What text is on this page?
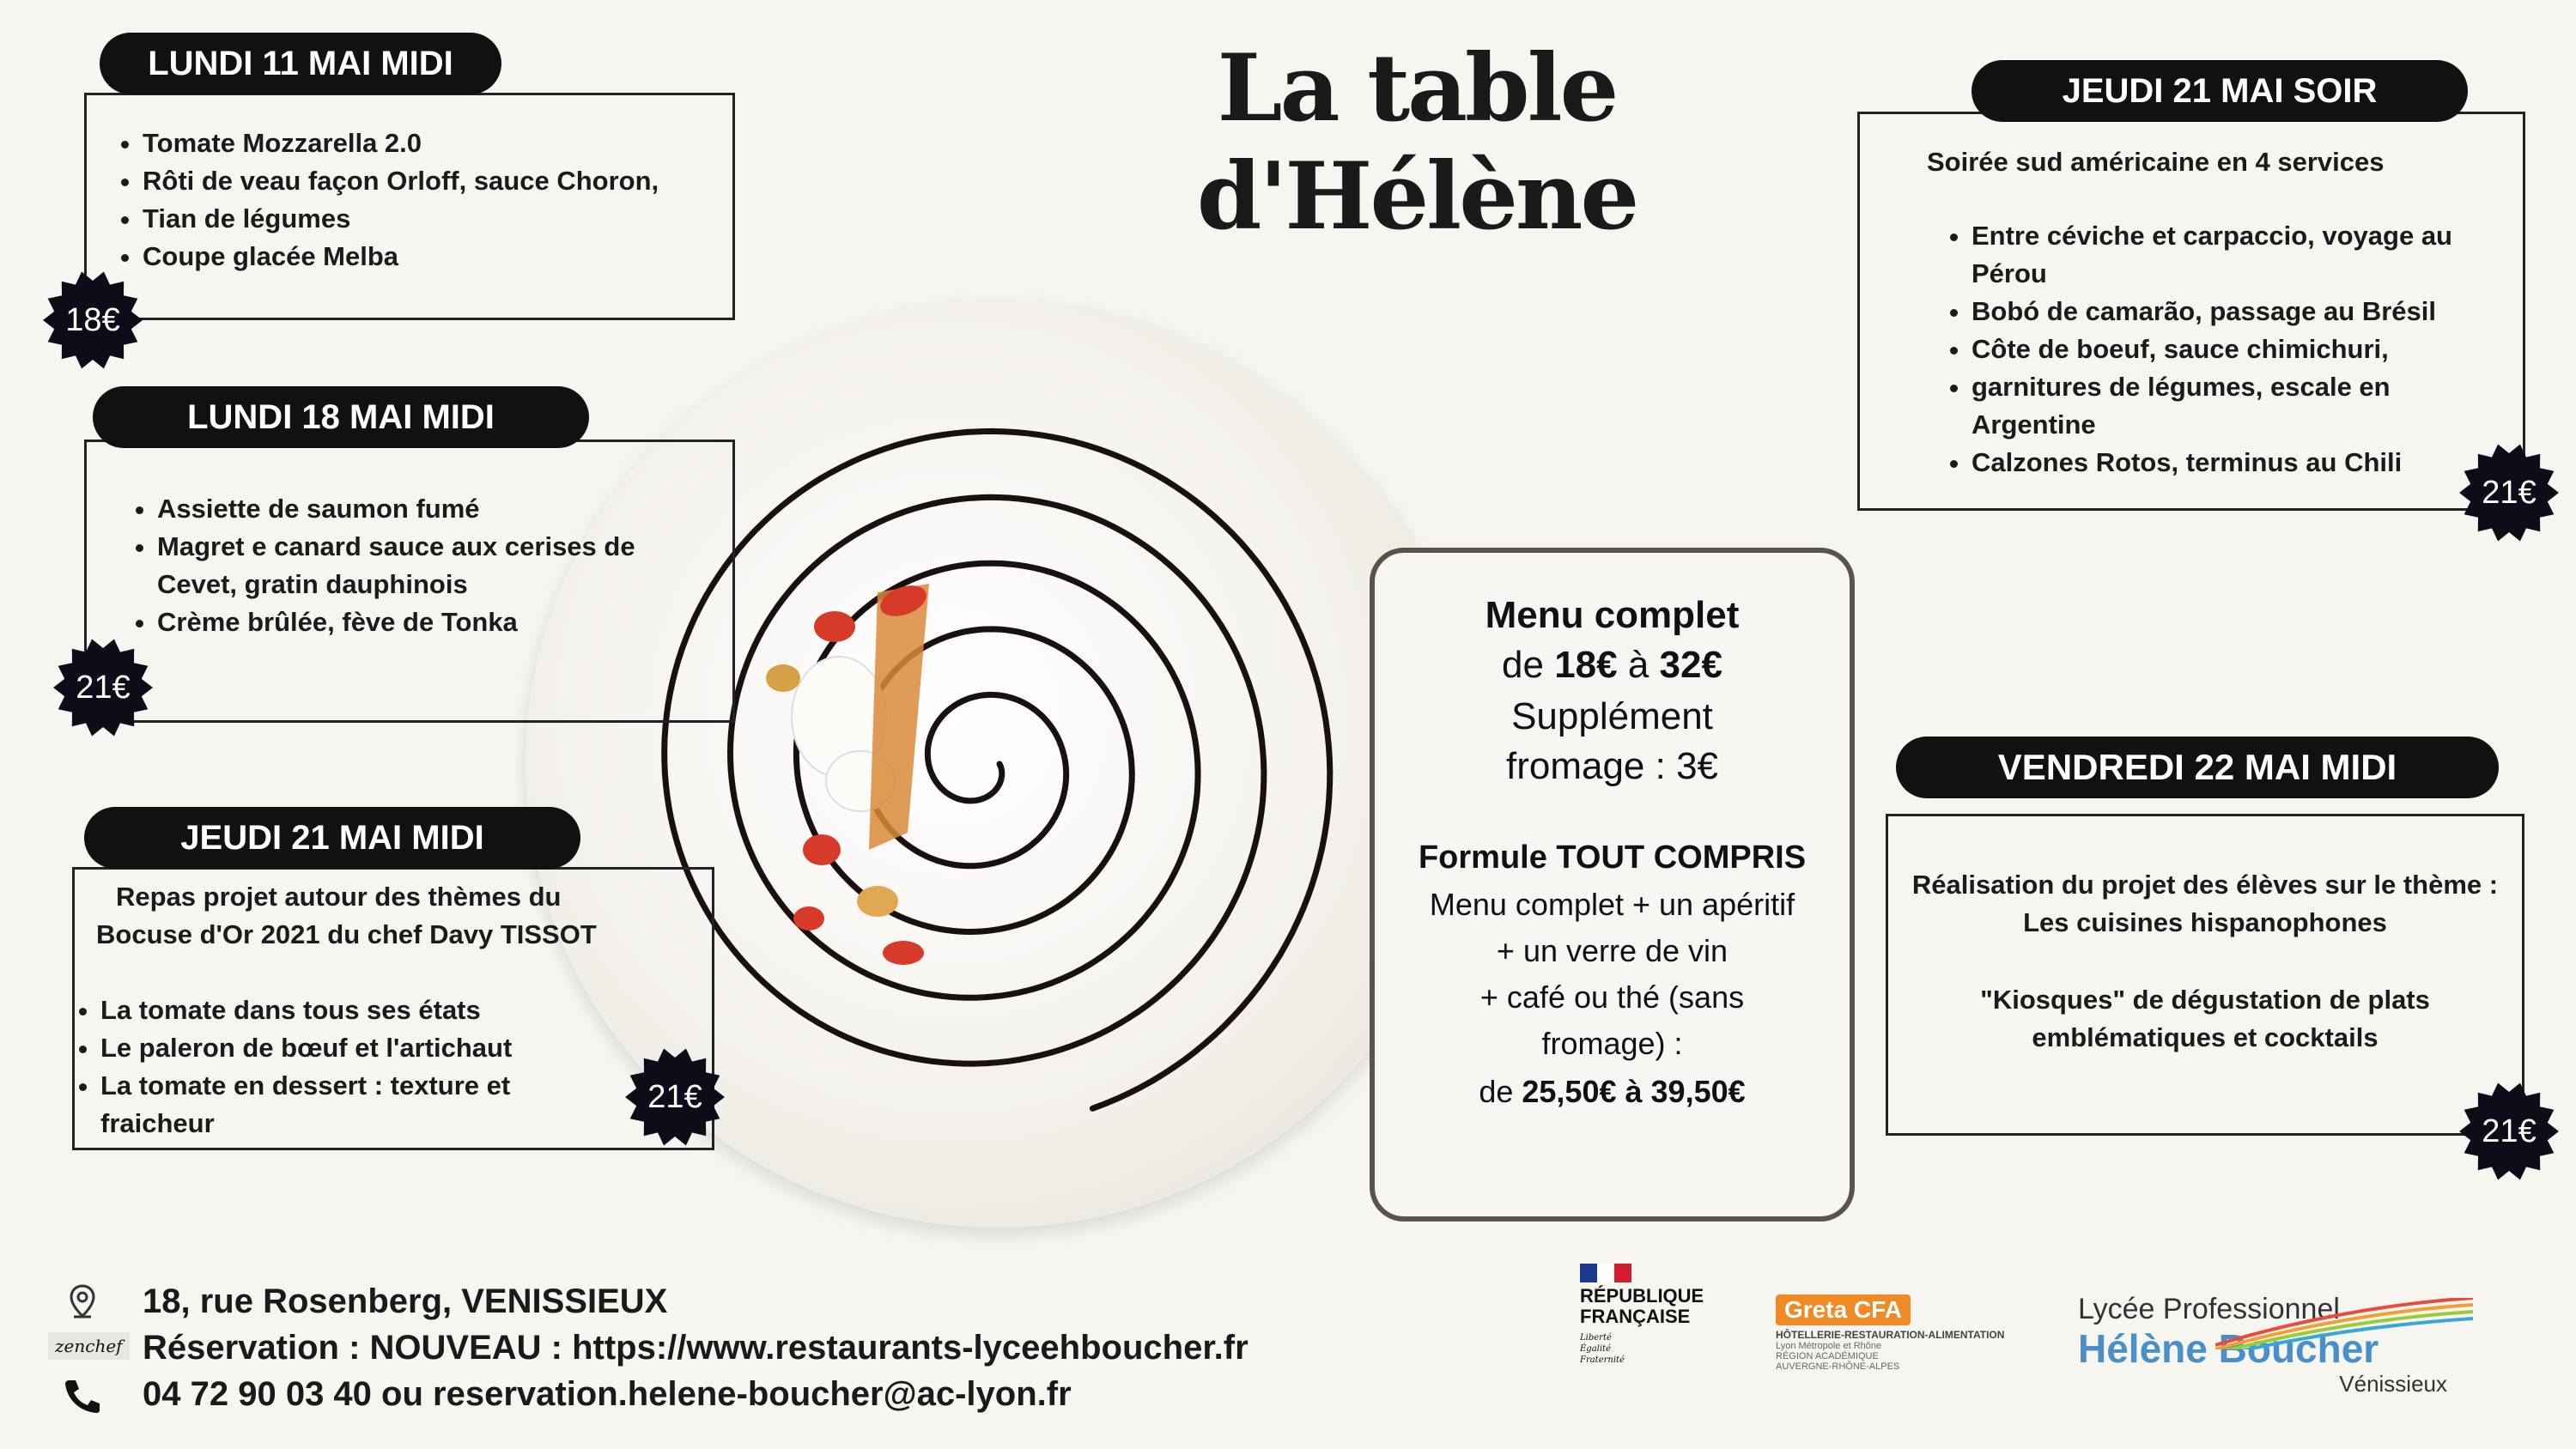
La table d'Hélène
• Tomate Mozzarella 2.0
• Rôti de veau façon Orloff, sauce Choron,
• Tian de légumes
• Coupe glacée Melba
LUNDI 11 MAI MIDI
18€
• Assiette de saumon fumé
• Magret e canard sauce aux cerises de Cevet, gratin dauphinois
• Crème brûlée, fève de Tonka
LUNDI 18 MAI MIDI
21€
Repas projet autour des thèmes du
Bocuse d'Or 2021 du chef Davy TISSOT
• La tomate dans tous ses états
• Le paleron de bœuf et l'artichaut
• La tomate en dessert : texture et fraicheur
JEUDI 21 MAI MIDI
21€
Soirée sud américaine en 4 services
• Entre céviche et carpaccio, voyage au Pérou
• Bobó de camarão, passage au Brésil
• Côte de boeuf, sauce chimichuri,
• garnitures de légumes, escale en Argentine
• Calzones Rotos, terminus au Chili
JEUDI 21 MAI SOIR
21€
Réalisation du projet des élèves sur le thème :
Les cuisines hispanophones
"Kiosques" de dégustation de plats
emblématiques et cocktails
VENDREDI 22 MAI MIDI
21€
Menu complet
de 18€ à 32€
Supplément
fromage : 3€
Formule TOUT COMPRIS
Menu complet + un apéritif
+ un verre de vin
+ café ou thé (sans
fromage) :
de 25,50€ à 39,50€
18, rue Rosenberg, VENISSIEUX
zenchef Réservation : NOUVEAU : https://www.restaurants-lyceehboucher.fr
04 72 90 03 40 ou reservation.helene-boucher@ac-lyon.fr
RÉPUBLIQUE
FRANÇAISE
Liberté
Égalité
Fraternité
Greta CFA
HÔTELLERIE-RESTAURATION-ALIMENTATION
Lyon Métropole et Rhône
RÉGION ACADÉMIQUE
AUVERGNE-RHÔNE-ALPES
Lycée Professionnel
Hélène Boucher
Vénissieux
